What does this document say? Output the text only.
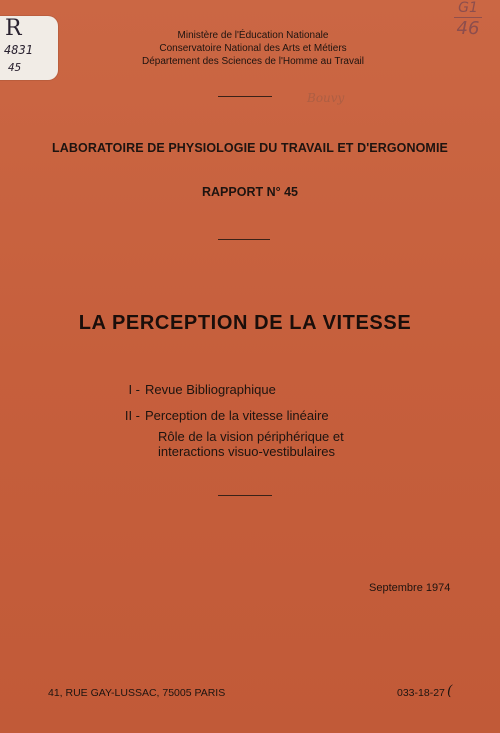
R
4831
45
G1
46
Bouvy
Ministère de l'Éducation Nationale
Conservatoire National des Arts et Métiers
Département des Sciences de l'Homme au Travail
LABORATOIRE DE PHYSIOLOGIE DU TRAVAIL ET D'ERGONOMIE
RAPPORT N° 45
LA PERCEPTION DE LA VITESSE
I - Revue Bibliographique
II - Perception de la vitesse linéaire
Rôle de la vision périphérique et
interactions visuo-vestibulaires
Septembre 1974
41, RUE GAY-LUSSAC, 75005 PARIS	033-18-27 (
